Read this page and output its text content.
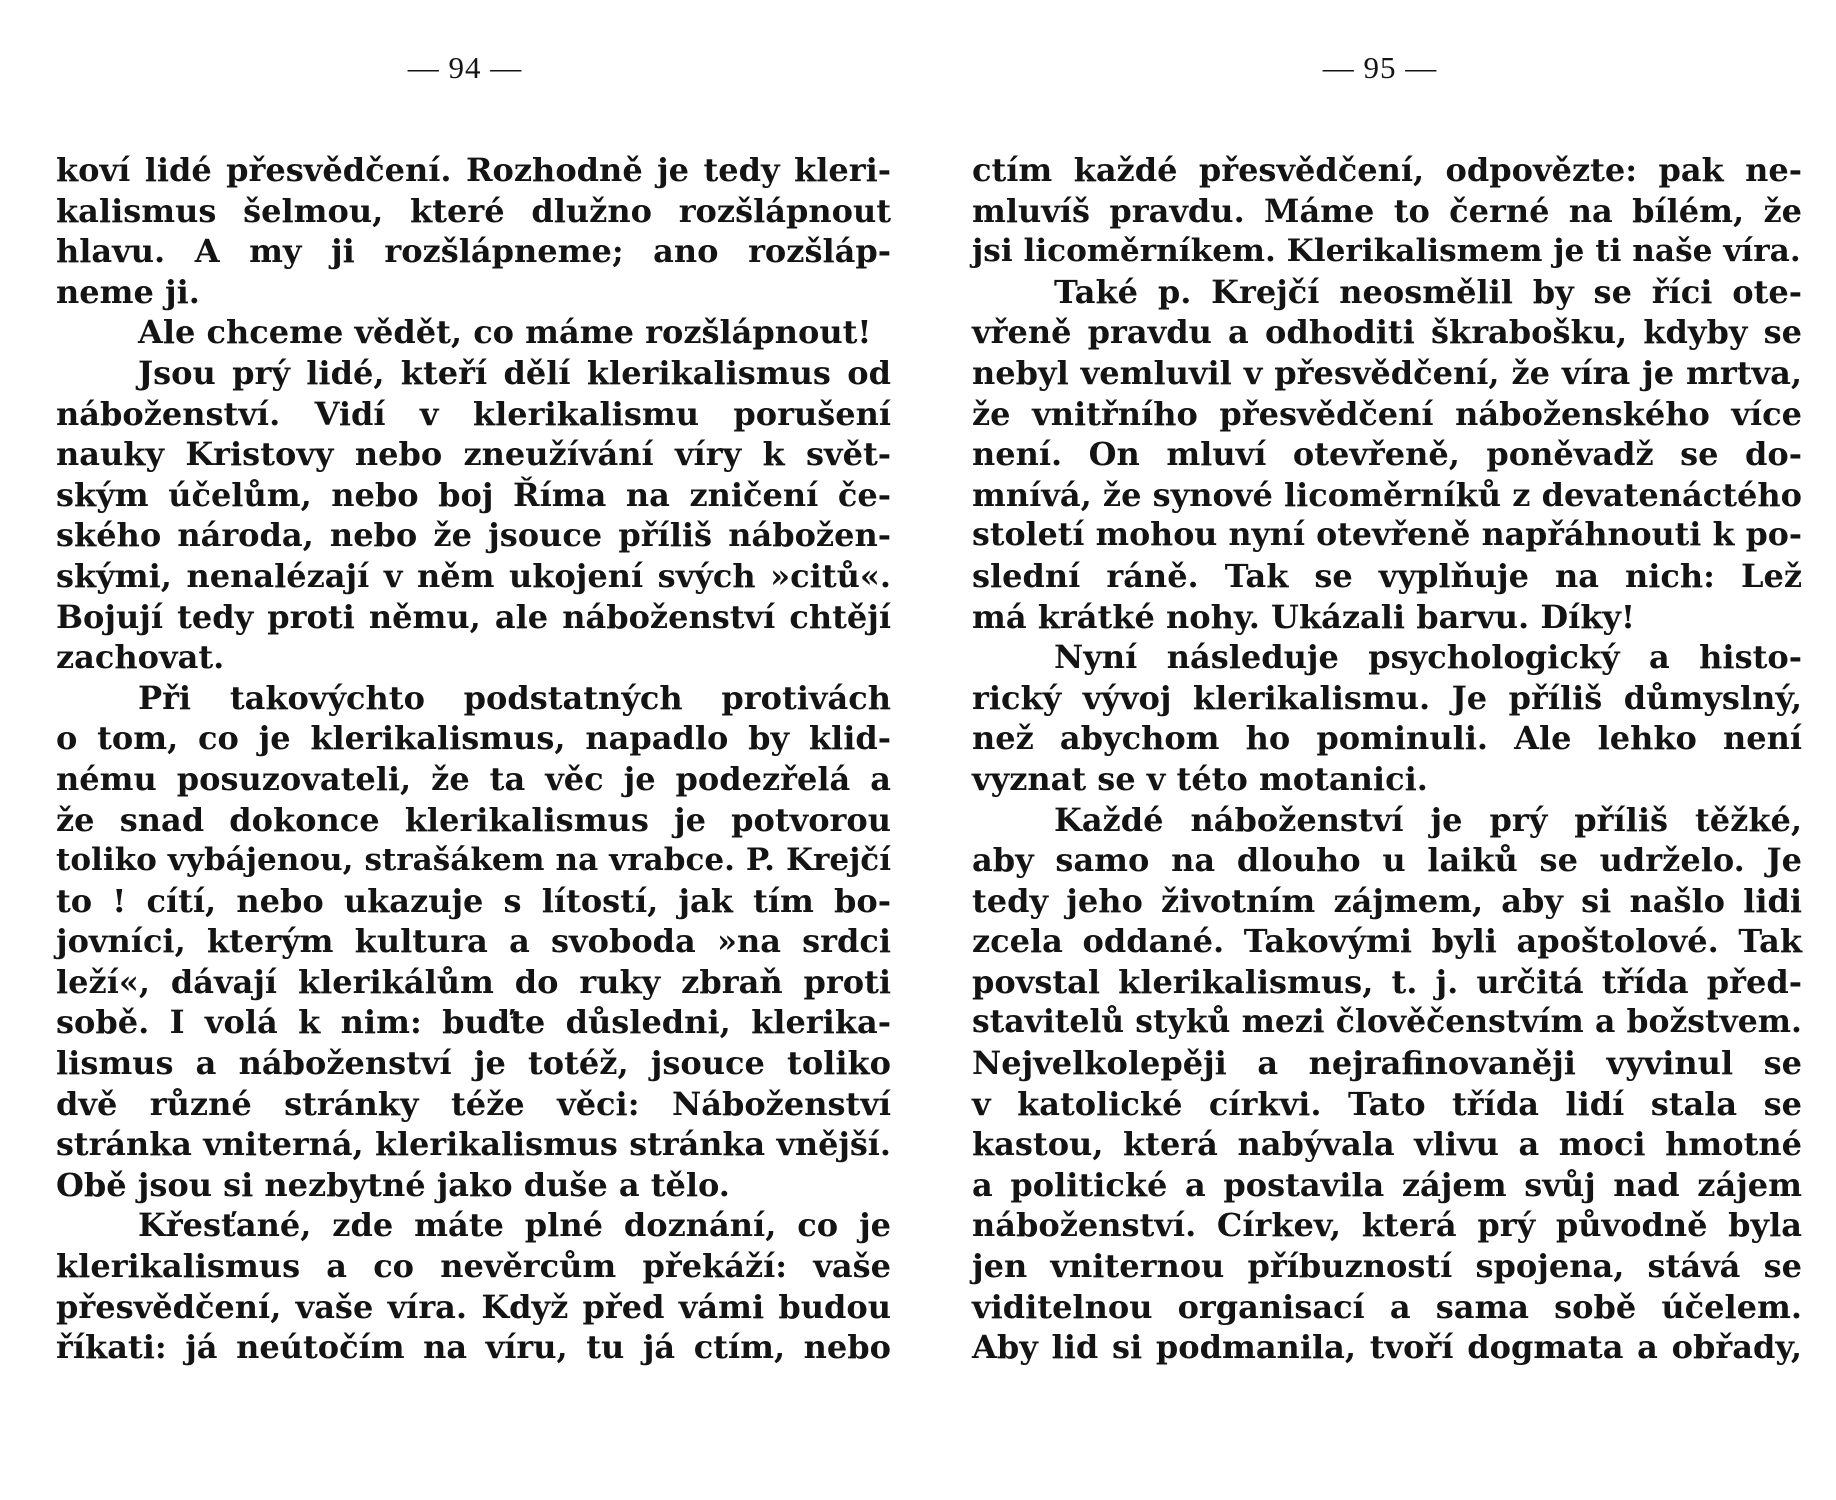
— 94 —	— 95 —
koví lidé přesvědčení. Rozhodně je tedy kleri-
kalismus šelmou, které dlužno rozšlápnout
hlavu. A my ji rozšlápneme; ano rozšláp-
neme ji.
Ale chceme vědět, co máme rozšlápnout!
Jsou prý lidé, kteří dělí klerikalismus od
náboženství. Vidí v klerikalismu porušení
nauky Kristovy nebo zneužívání víry k svět-
ským účelům, nebo boj Říma na zničení če-
ského národa, nebo že jsouce příliš nábožen-
skými, nenalézají v něm ukojení svých »citů«.
Bojují tedy proti němu, ale náboženství chtějí
zachovat.
Při takovýchto podstatných protivách
o tom, co je klerikalismus, napadlo by klid-
nému posuzovateli, že ta věc je podezřelá a
že snad dokonce klerikalismus je potvorou
toliko vybájenou, strašákem na vrabce. P. Krejčí
to ! cítí, nebo ukazuje s lítostí, jak tím bo-
jovníci, kterým kultura a svoboda »na srdci
leží«, dávají klerikálům do ruky zbraň proti
sobě. I volá k nim: buďte důsledni, klerika-
lismus a náboženství je totéž, jsouce toliko
dvě různé stránky téže věci: Náboženství
stránka vniterná, klerikalismus stránka vnější.
Obě jsou si nezbytné jako duše a tělo.
Křesťané, zde máte plné doznání, co je
klerikalismus a co nevěrcům překáží: vaše
přesvědčení, vaše víra. Když před vámi budou
říkati: já neútočím na víru, tu já ctím, nebo
ctím každé přesvědčení, odpovězte: pak ne-
mluvíš pravdu. Máme to černé na bílém, že
jsi licoměrníkem. Klerikalismem je ti naše víra.
Také p. Krejčí neosmělil by se říci ote-
vřeně pravdu a odhoditi škrabošku, kdyby se
nebyl vemluvil v přesvědčení, že víra je mrtva,
že vnitřního přesvědčení náboženského více
není. On mluví otevřeně, poněvadž se do-
mnívá, že synové licoměrníků z devatenáctého
století mohou nyní otevřeně napřáhnouti k po-
slední ráně. Tak se vyplňuje na nich: Lež
má krátké nohy. Ukázali barvu. Díky!
Nyní následuje psychologický a histo-
rický vývoj klerikalismu. Je příliš důmyslný,
než abychom ho pominuli. Ale lehko není
vyznat se v této motanici.
Každé náboženství je prý příliš těžké,
aby samo na dlouho u laiků se udrželo. Je
tedy jeho životním zájmem, aby si našlo lidi
zcela oddané. Takovými byli apoštolové. Tak
povstal klerikalismus, t. j. určitá třída před-
stavitelů styků mezi člověčenstvím a božstvem.
Nejvelkolepěji a nejrafinovaněji vyvinul se
v katolické církvi. Tato třída lidí stala se
kastou, která nabývala vlivu a moci hmotné
a politické a postavila zájem svůj nad zájem
náboženství. Církev, která prý původně byla
jen vniternou příbuzností spojena, stává se
viditelnou organisací a sama sobě účelem.
Aby lid si podmanila, tvoří dogmata a obřady,
